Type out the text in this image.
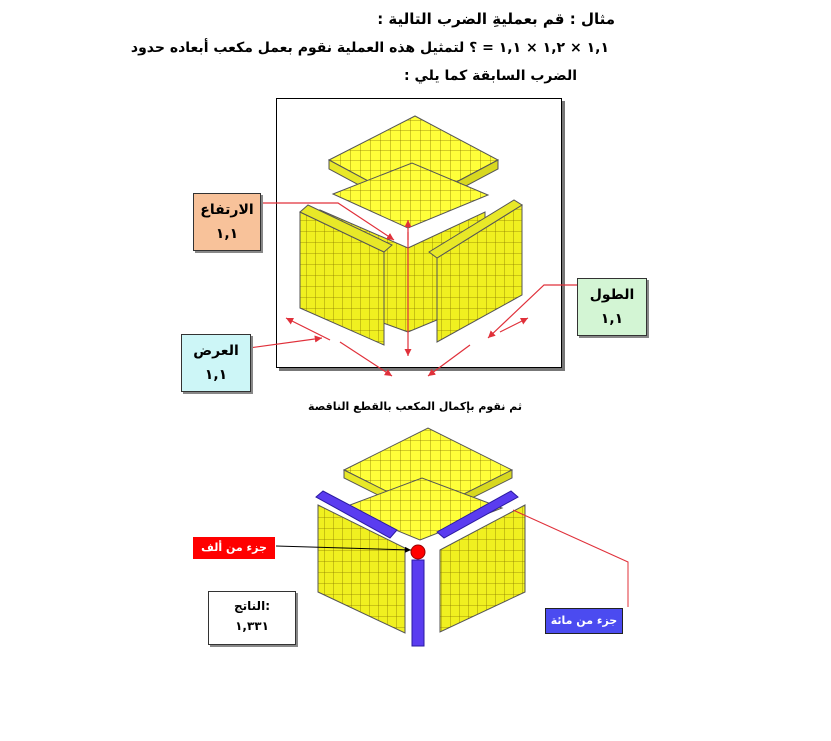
مثال : قم بعمليةِ الضرب التالية :
١,١ × ١,٢ × ١,١ = ؟ لتمثيل هذه العملية نقوم بعمل مكعب أبعاده حدود
الضرب السابقة كما يلي :
الارتفاع
١,١
العرض
١,١
الطول
١,١
ثم نقوم بإكمال المكعب بالقطع الناقصة
جزء من ألف
جزء من مائة
الناتج:
١,٣٣١
